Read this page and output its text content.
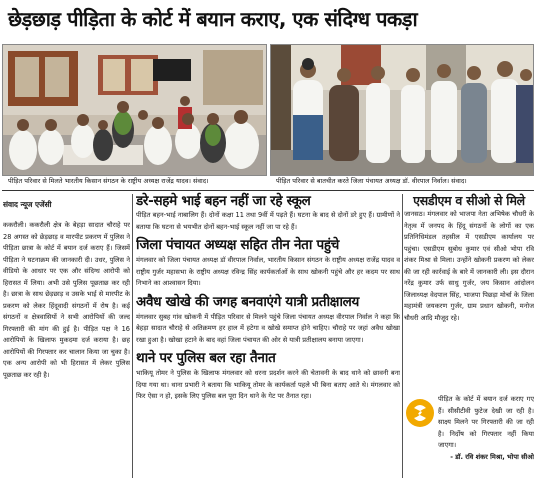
छेड़छाड़ पीड़िता के कोर्ट में बयान कराए, एक संदिग्ध पकड़ा
पीड़ित परिवार से मिलते भारतीय किसान संगठन के राष्ट्रीय अध्यक्ष राजेंद्र यादव। संवाद।	पीड़ित परिवार से बातचीत करते जिला पंचायत अध्यक्ष डॉ. वीरपाल निर्वाल। संवाद।
संवाद न्यूज एजेंसी
ककरौली। ककरौली क्षेत्र के बेहड़ा सादात चौराहे पर 28 अगस्त को छेड़छाड़ व मारपीट प्रकरण में पुलिस ने पीड़िता छात्रा के कोर्ट में बयान दर्ज कराए हैं। जिसमें पीड़िता ने घटनाक्रम की जानकारी दी। उधर, पुलिस ने वीडियो के आधार पर एक और संदिग्ध आरोपी को हिरासत में लिया। अभी उसे पुलिस पूछताछ कर रही है। छात्रा के साथ छेड़छाड़ व उसके भाई से मारपीट के प्रकरण को लेकर हिंदूवादी संगठनों में रोष है। कई संगठनों व क्षेत्रवासियों ने सभी आरोपियों की जल्द गिरफ्तारी की मांग की हुई है। पीड़ित पक्ष ने 16 आरोपियों के खिलाफ मुकदमा दर्ज कराया है। छह आरोपियों की गिरफ्तार कर चालान किया जा चुका है। एक अन्य आरोपी को भी हिरासत में लेकर पुलिस पूछताछ कर रही है।
डरे-सहमे भाई बहन नहीं जा रहे स्कूल
पीड़ित बहन-भाई नाबालिग हैं। दोनों कक्षा 11 तथा 9वीं में पढ़ते हैं। घटना के बाद से दोनों डरे हुए हैं। ग्रामीणों ने बताया कि घटना से भयभीत दोनों बहन-भाई स्कूल नहीं जा पा रहे हैं।
जिला पंचायत अध्यक्ष सहित तीन नेता पहुंचे
मंगलवार को जिला पंचायत अध्यक्ष डॉ वीरपाल निर्वाल, भारतीय किसान संगठन के राष्ट्रीय अध्यक्ष राजेंद्र यादव व राष्ट्रीय गुर्जर महासभा के राष्ट्रीय अध्यक्ष रविन्द्र सिंह कार्यकर्ताओं के साथ खोकनी पहुंचे और हर कदम पर साथ निभाने का आश्वासन दिया।
अवैध खोखे की जगह बनवाएंगे यात्री प्रतीक्षालय
मंगलवार सुबह गांव खोकनी में पीड़ित परिवार से मिलने पहुंचे जिला पंचायत अध्यक्ष वीरपाल निर्वाल ने कहा कि बेहड़ा सादात चौराहे से अतिक्रमण हर हाल में हटेगा व खोखे समाप्त होने चाहिए। चौराहे पर जहां अवैध खोखा रखा हुआ है। खोखा हटाने के बाद वहां जिला पंचायत की ओर से यात्री प्रतीक्षालय बनाया जाएगा।
थाने पर पुलिस बल रहा तैनात
भाकियू तोमर ने पुलिस के खिलाफ मंगलवार को धरना प्रदर्शन करने की चेतावनी के बाद थाने को छावनी बना दिया गया था। थाना प्रभारी ने बताया कि भाकियू तोमर के कार्यकर्ता पहले भी बिना बताए आते थे। मंगलवार को फिर ऐसा न हो, इसके लिए पुलिस बल पूरा दिन थाने के गेट पर तैनात रहा।
एसडीएम व सीओ से मिले
जानसठ। मंगलवार को भाजपा नेता अभिषेक चौधरी के नेतृत्व में जनपद के हिंदू संगठनों के लोगों का एक प्रतिनिधिमंडल तहसील में एसडीएम कार्यालय पर पहुंचा। एसडीएम सुबोध कुमार एवं सीओ भोपा रवि शंकर मिश्रा से मिला। उन्होंने खोकनी प्रकरण को लेकर की जा रही कार्रवाई के बारे में जानकारी ली। इस दौरान नरेंद्र कुमार उर्फ साधु गुर्जर, जय किसान आंदोलन जिलाध्यक्ष वेदपाल सिंह, भाजपा पिछड़ा मोर्चा के जिला महामंत्री जयकरण गुर्जर, ग्राम प्रधान खोकनी, मनोज चौधरी आदि मौजूद रहे।
पीड़ित के कोर्ट में बयान दर्ज कराए गए हैं। सीसीटीवी फुटेज देखी जा रही है। साक्ष्य मिलने पर गिरफ्तारी की जा रही है। निर्दोष को गिरफ्तार नहीं किया जाएगा।
- डॉ. रवि शंकर मिश्रा, भोपा सीओ
